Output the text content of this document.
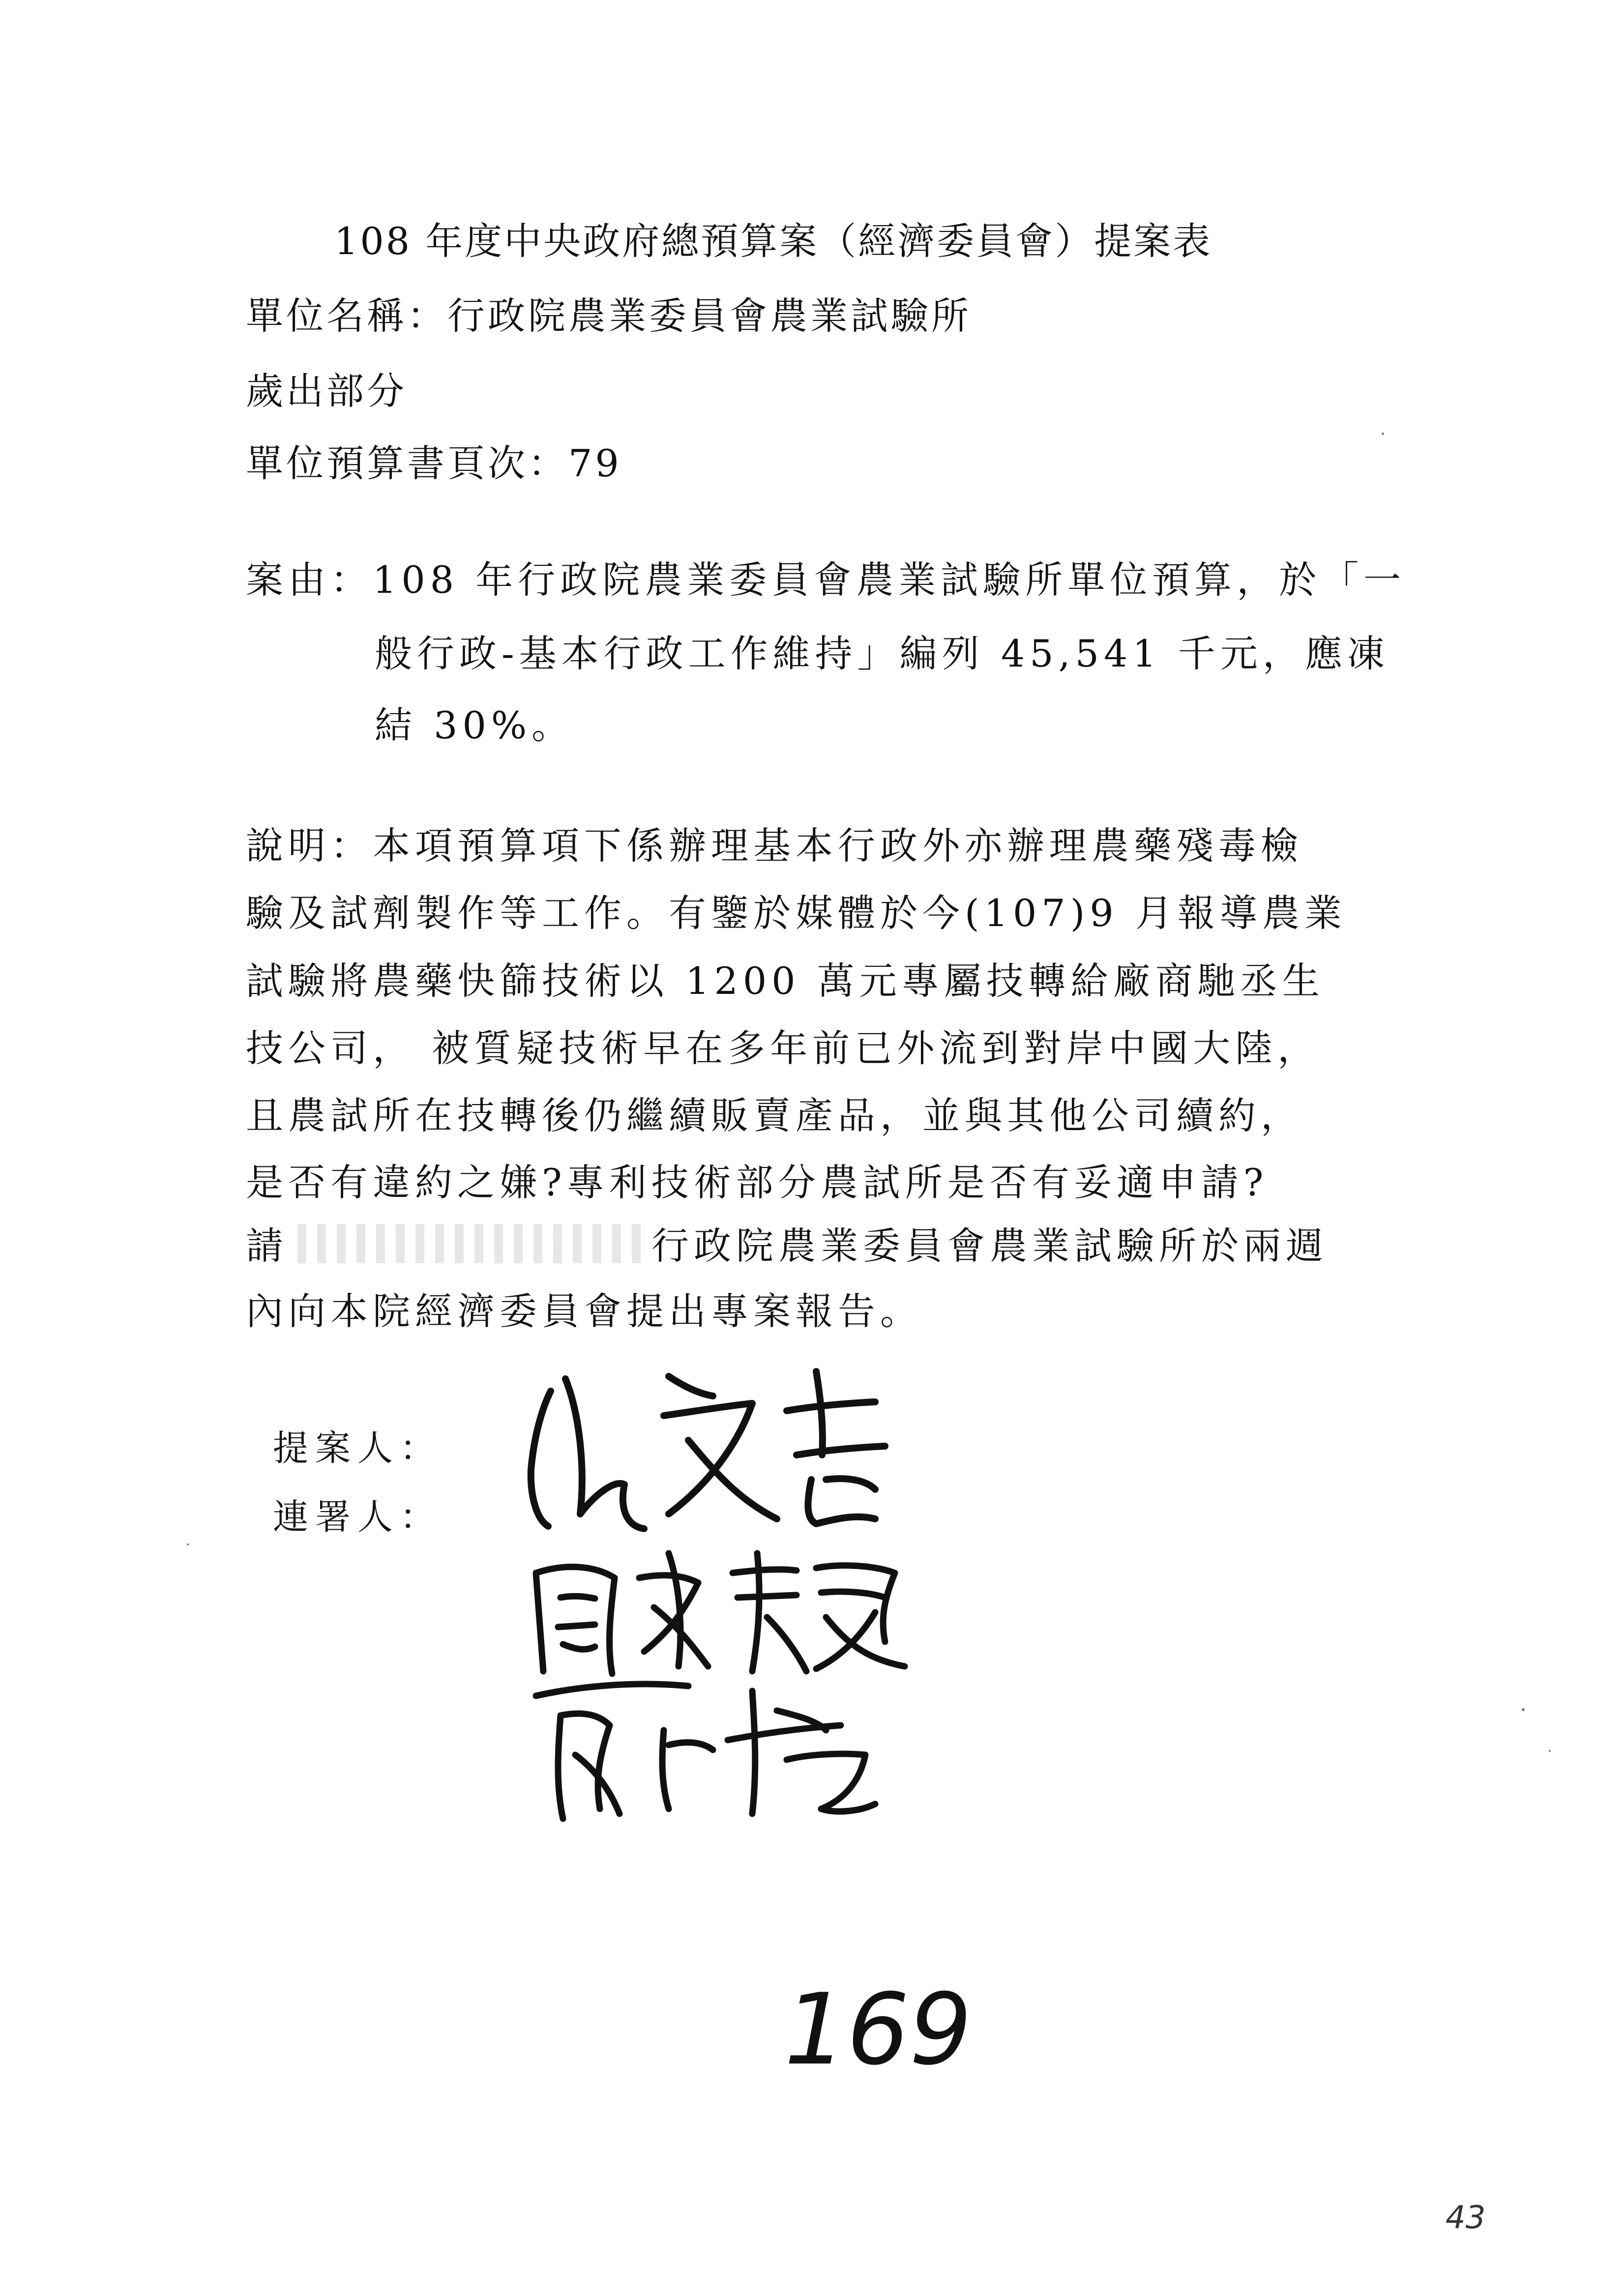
108 年度中央政府總預算案（經濟委員會）提案表
單位名稱：行政院農業委員會農業試驗所
歲出部分
單位預算書頁次：79
案由：108 年行政院農業委員會農業試驗所單位預算，於「一
般行政-基本行政工作維持」編列 45,541 千元，應凍
結 30%。
說明：本項預算項下係辦理基本行政外亦辦理農藥殘毒檢
驗及試劑製作等工作。有鑒於媒體於今(107)9 月報導農業
試驗將農藥快篩技術以 1200 萬元專屬技轉給廠商馳丞生
技公司， 被質疑技術早在多年前已外流到對岸中國大陸，
且農試所在技轉後仍繼續販賣產品，並與其他公司續約，
是否有違約之嫌?專利技術部分農試所是否有妥適申請?
請	行政院農業委員會農業試驗所於兩週
內向本院經濟委員會提出專案報告。
提案人：
連署人：
169
43
